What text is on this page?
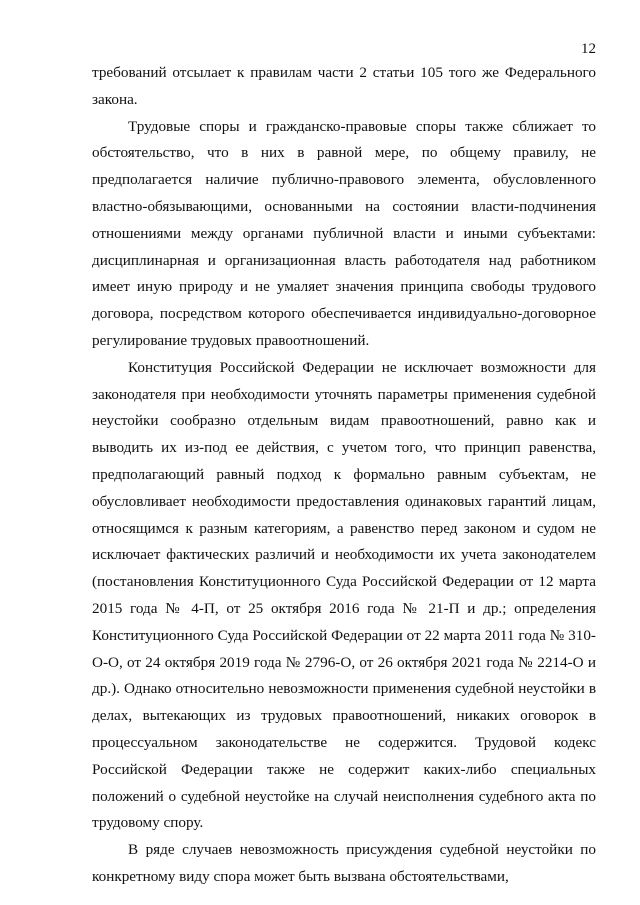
12

требований отсылает к правилам части 2 статьи 105 того же Федерального закона.

Трудовые споры и гражданско-правовые споры также сближает то обстоятельство, что в них в равной мере, по общему правилу, не предполагается наличие публично-правового элемента, обусловленного властно-обязывающими, основанными на состоянии власти-подчинения отношениями между органами публичной власти и иными субъектами: дисциплинарная и организационная власть работодателя над работником имеет иную природу и не умаляет значения принципа свободы трудового договора, посредством которого обеспечивается индивидуально-договорное регулирование трудовых правоотношений.

Конституция Российской Федерации не исключает возможности для законодателя при необходимости уточнять параметры применения судебной неустойки сообразно отдельным видам правоотношений, равно как и выводить их из-под ее действия, с учетом того, что принцип равенства, предполагающий равный подход к формально равным субъектам, не обусловливает необходимости предоставления одинаковых гарантий лицам, относящимся к разным категориям, а равенство перед законом и судом не исключает фактических различий и необходимости их учета законодателем (постановления Конституционного Суда Российской Федерации от 12 марта 2015 года № 4-П, от 25 октября 2016 года № 21-П и др.; определения Конституционного Суда Российской Федерации от 22 марта 2011 года № 310-О-О, от 24 октября 2019 года № 2796-О, от 26 октября 2021 года № 2214-О и др.). Однако относительно невозможности применения судебной неустойки в делах, вытекающих из трудовых правоотношений, никаких оговорок в процессуальном законодательстве не содержится. Трудовой кодекс Российской Федерации также не содержит каких-либо специальных положений о судебной неустойке на случай неисполнения судебного акта по трудовому спору.

В ряде случаев невозможность присуждения судебной неустойки по конкретному виду спора может быть вызвана обстоятельствами,
